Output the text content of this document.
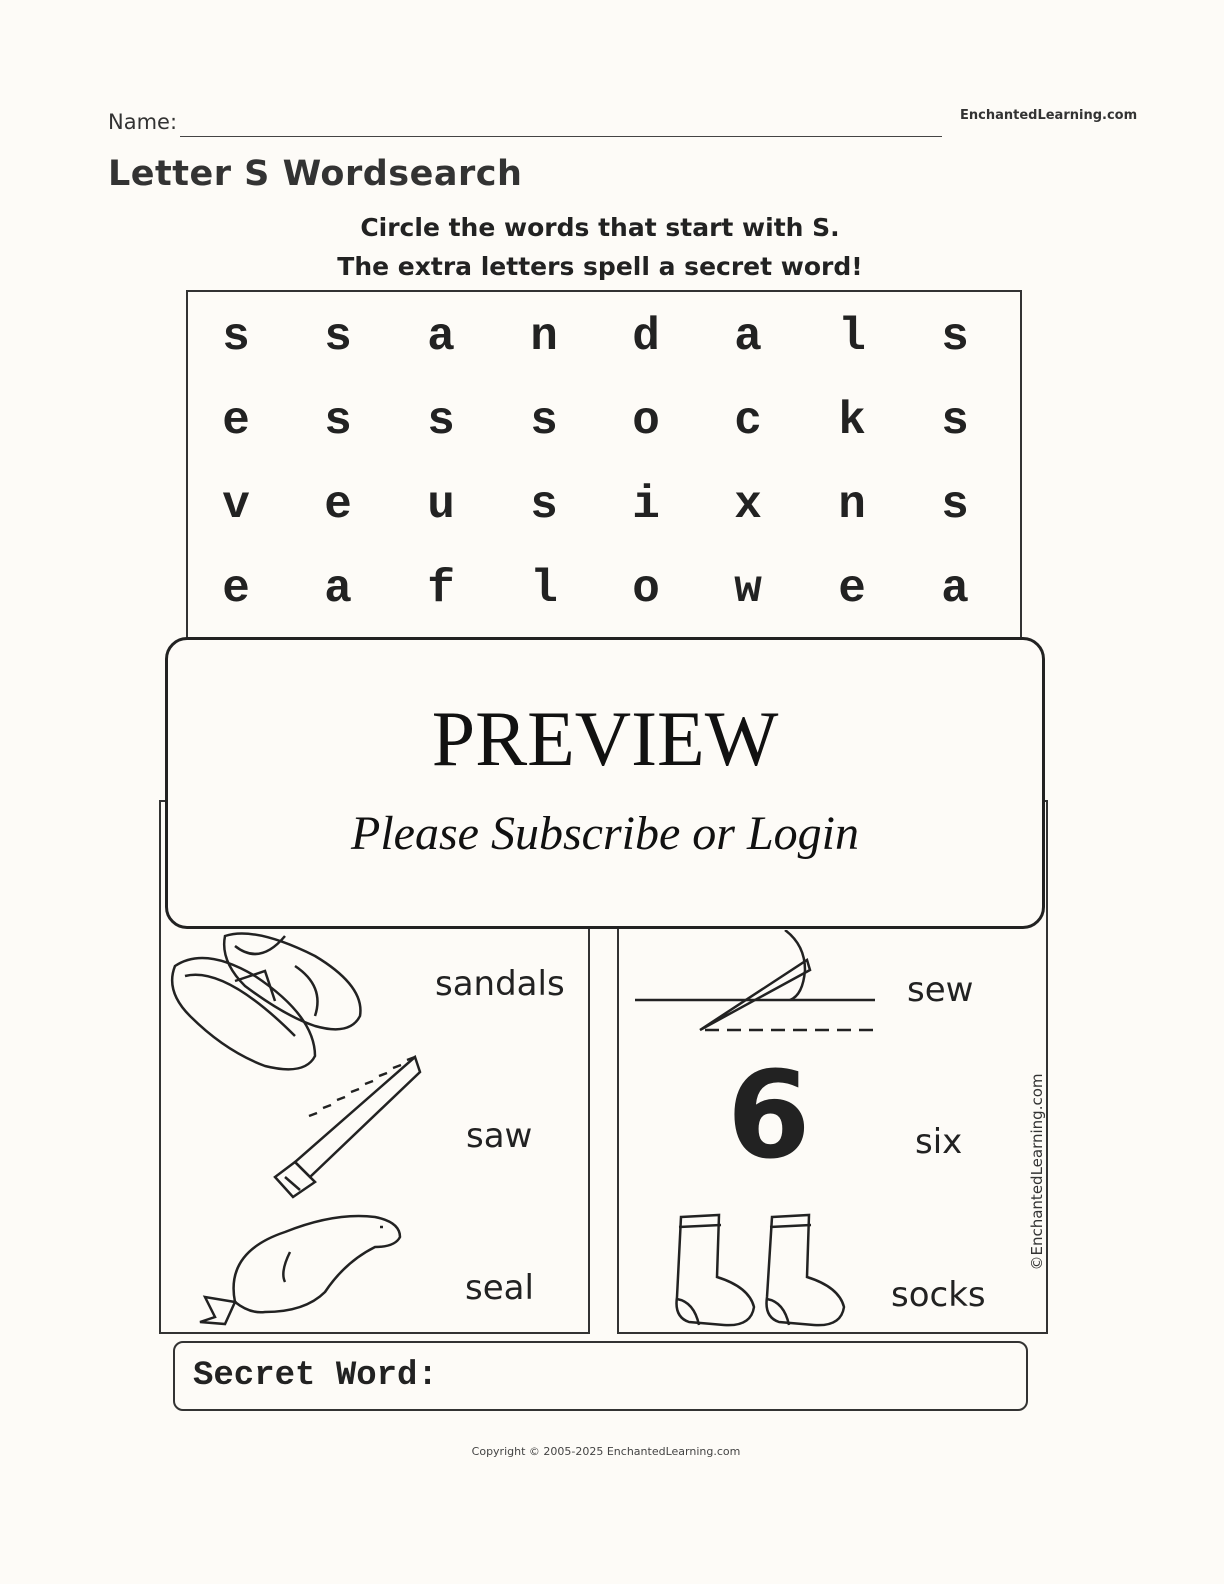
Name:	EnchantedLearning.com
Letter S Wordsearch
Circle the words that start with S.
The extra letters spell a secret word!
s	s	a	n	d	a	l	s
e	s	s	s	o	c	k	s
v	e	u	s	i	x	n	s
e	a	f	l	o	w	e	a
sandals
saw
seal
sew
6	six
socks
©EnchantedLearning.com
PREVIEW
Please Subscribe or Login
Secret Word:
Copyright © 2005-2025 EnchantedLearning.com
